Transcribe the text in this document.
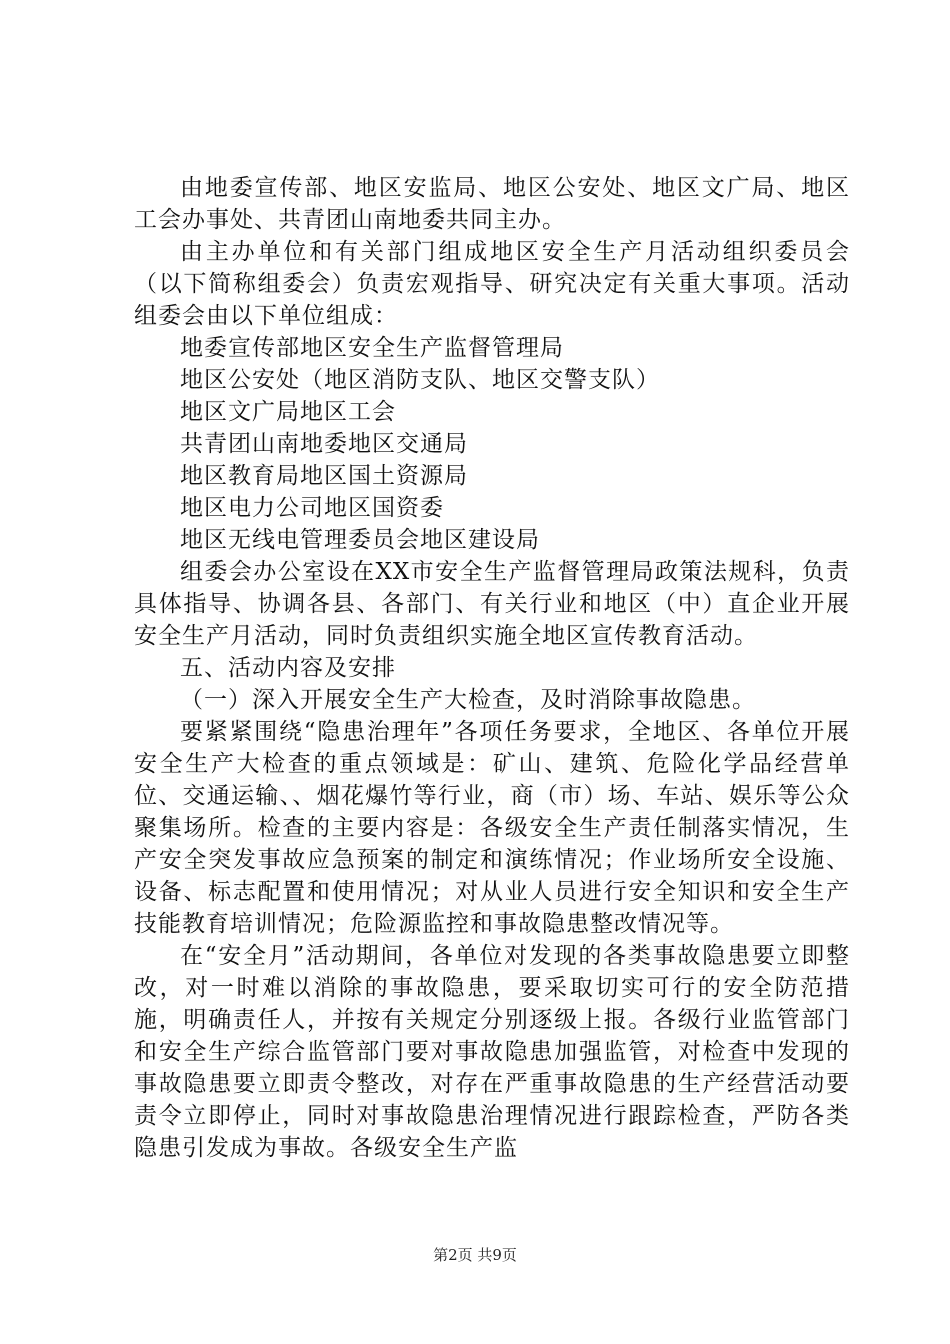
由地委宣传部、地区安监局、地区公安处、地区文广局、地区工会办事处、共青团山南地委共同主办。

由主办单位和有关部门组成地区安全生产月活动组织委员会（以下简称组委会）负责宏观指导、研究决定有关重大事项。活动组委会由以下单位组成：

地委宣传部地区安全生产监督管理局

地区公安处（地区消防支队、地区交警支队）

地区文广局地区工会

共青团山南地委地区交通局

地区教育局地区国土资源局

地区电力公司地区国资委

地区无线电管理委员会地区建设局

组委会办公室设在XX市安全生产监督管理局政策法规科，负责具体指导、协调各县、各部门、有关行业和地区（中）直企业开展安全生产月活动，同时负责组织实施全地区宣传教育活动。

五、活动内容及安排

（一）深入开展安全生产大检查，及时消除事故隐患。

要紧紧围绕“隐患治理年”各项任务要求，全地区、各单位开展安全生产大检查的重点领域是：矿山、建筑、危险化学品经营单位、交通运输、、烟花爆竹等行业，商（市）场、车站、娱乐等公众聚集场所。检查的主要内容是：各级安全生产责任制落实情况，生产安全突发事故应急预案的制定和演练情况；作业场所安全设施、设备、标志配置和使用情况；对从业人员进行安全知识和安全生产技能教育培训情况；危险源监控和事故隐患整改情况等。

在“安全月”活动期间，各单位对发现的各类事故隐患要立即整改，对一时难以消除的事故隐患，要采取切实可行的安全防范措施，明确责任人，并按有关规定分别逐级上报。各级行业监管部门和安全生产综合监管部门要对事故隐患加强监管，对检查中发现的事故隐患要立即责令整改，对存在严重事故隐患的生产经营活动要责令立即停止，同时对事故隐患治理情况进行跟踪检查，严防各类隐患引发成为事故。各级安全生产监

第2页 共9页
